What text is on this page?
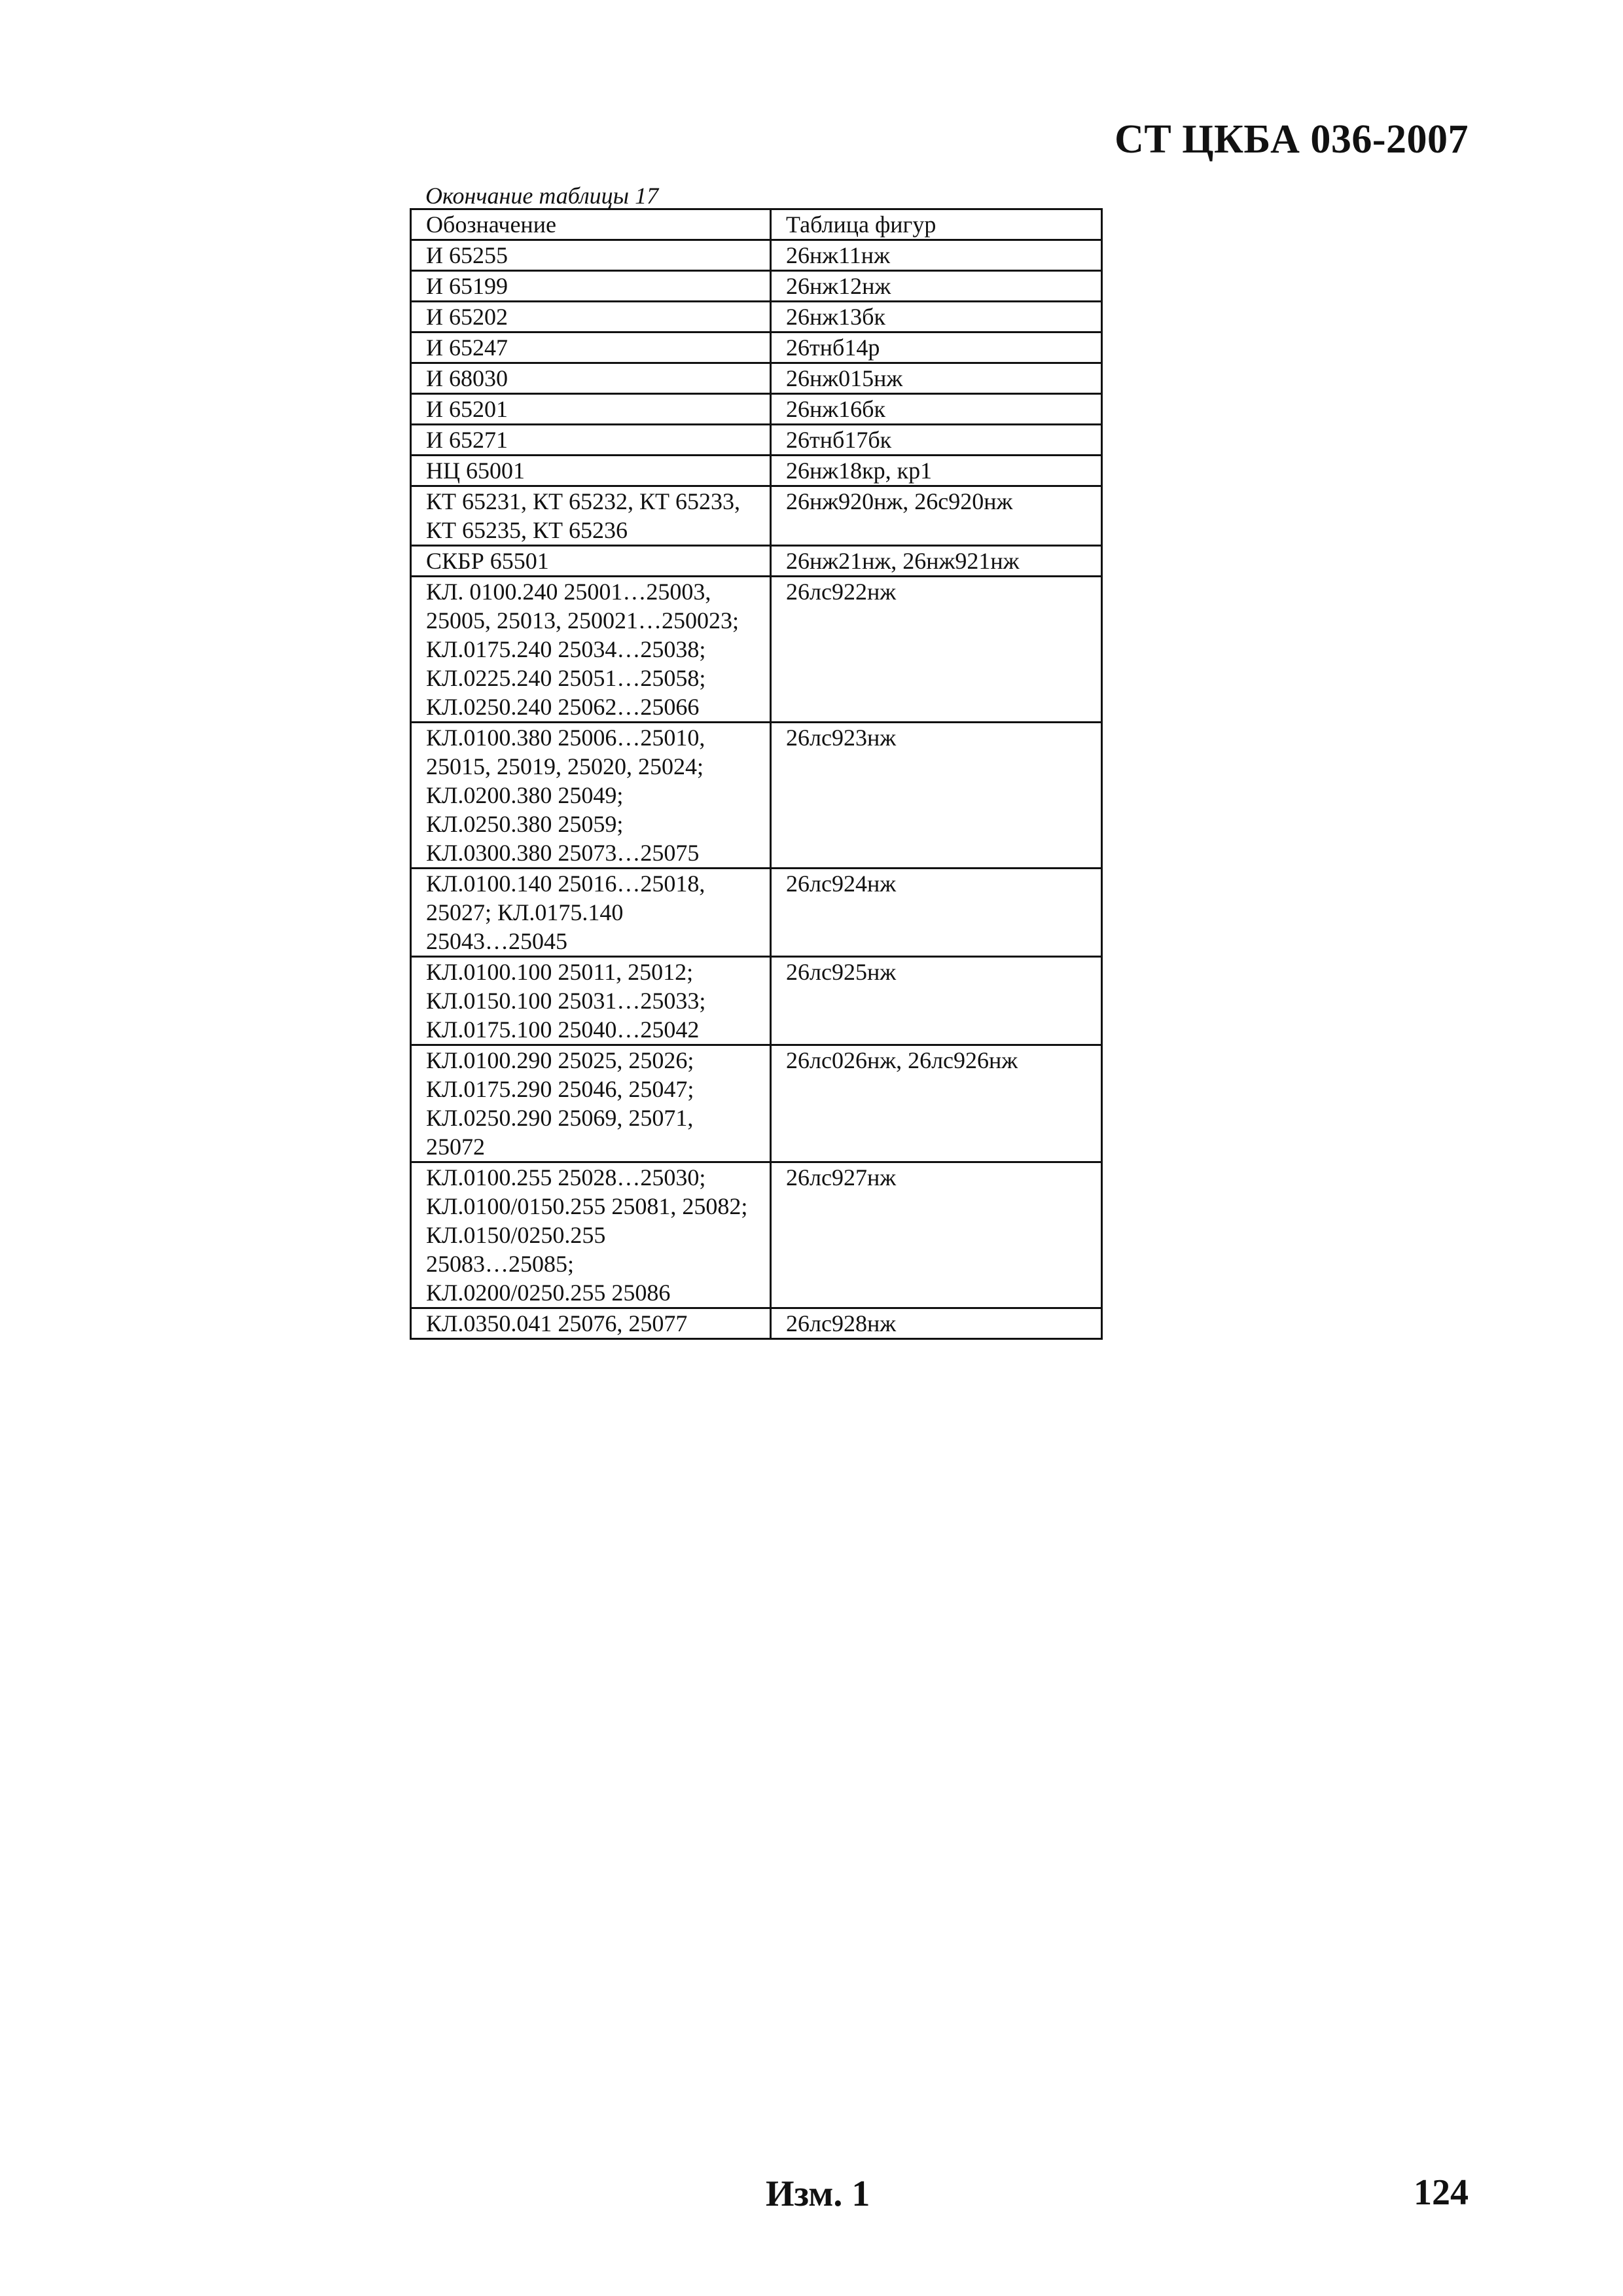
СТ ЦКБА 036-2007
Окончание таблицы 17
Обозначение	Таблица фигур

И 65255	26нж11нж

И 65199	26нж12нж

И 65202	26нж13бк

И 65247	26тнб14р

И 68030	26нж015нж

И 65201	26нж16бк

И 65271	26тнб17бк

НЦ 65001	26нж18кр, кр1

КТ 65231, КТ 65232, КТ 65233,
КТ 65235, КТ 65236	26нж920нж, 26с920нж

СКБР 65501	26нж21нж, 26нж921нж

КЛ. 0100.240 25001…25003,
25005, 25013, 250021…250023;
КЛ.0175.240 25034…25038;
КЛ.0225.240 25051…25058;
КЛ.0250.240 25062…25066	26лс922нж

КЛ.0100.380 25006…25010,
25015, 25019, 25020, 25024;
КЛ.0200.380 25049;
КЛ.0250.380 25059;
КЛ.0300.380 25073…25075	26лс923нж

КЛ.0100.140 25016…25018,
25027; КЛ.0175.140
25043…25045	26лс924нж

КЛ.0100.100 25011, 25012;
КЛ.0150.100 25031…25033;
КЛ.0175.100 25040…25042	26лс925нж

КЛ.0100.290 25025, 25026;
КЛ.0175.290 25046, 25047;
КЛ.0250.290 25069, 25071,
25072	26лс026нж, 26лс926нж

КЛ.0100.255 25028…25030;
КЛ.0100/0150.255 25081, 25082;
КЛ.0150/0250.255
25083…25085;
КЛ.0200/0250.255 25086	26лс927нж

КЛ.0350.041 25076, 25077	26лс928нж
Изм. 1	124
